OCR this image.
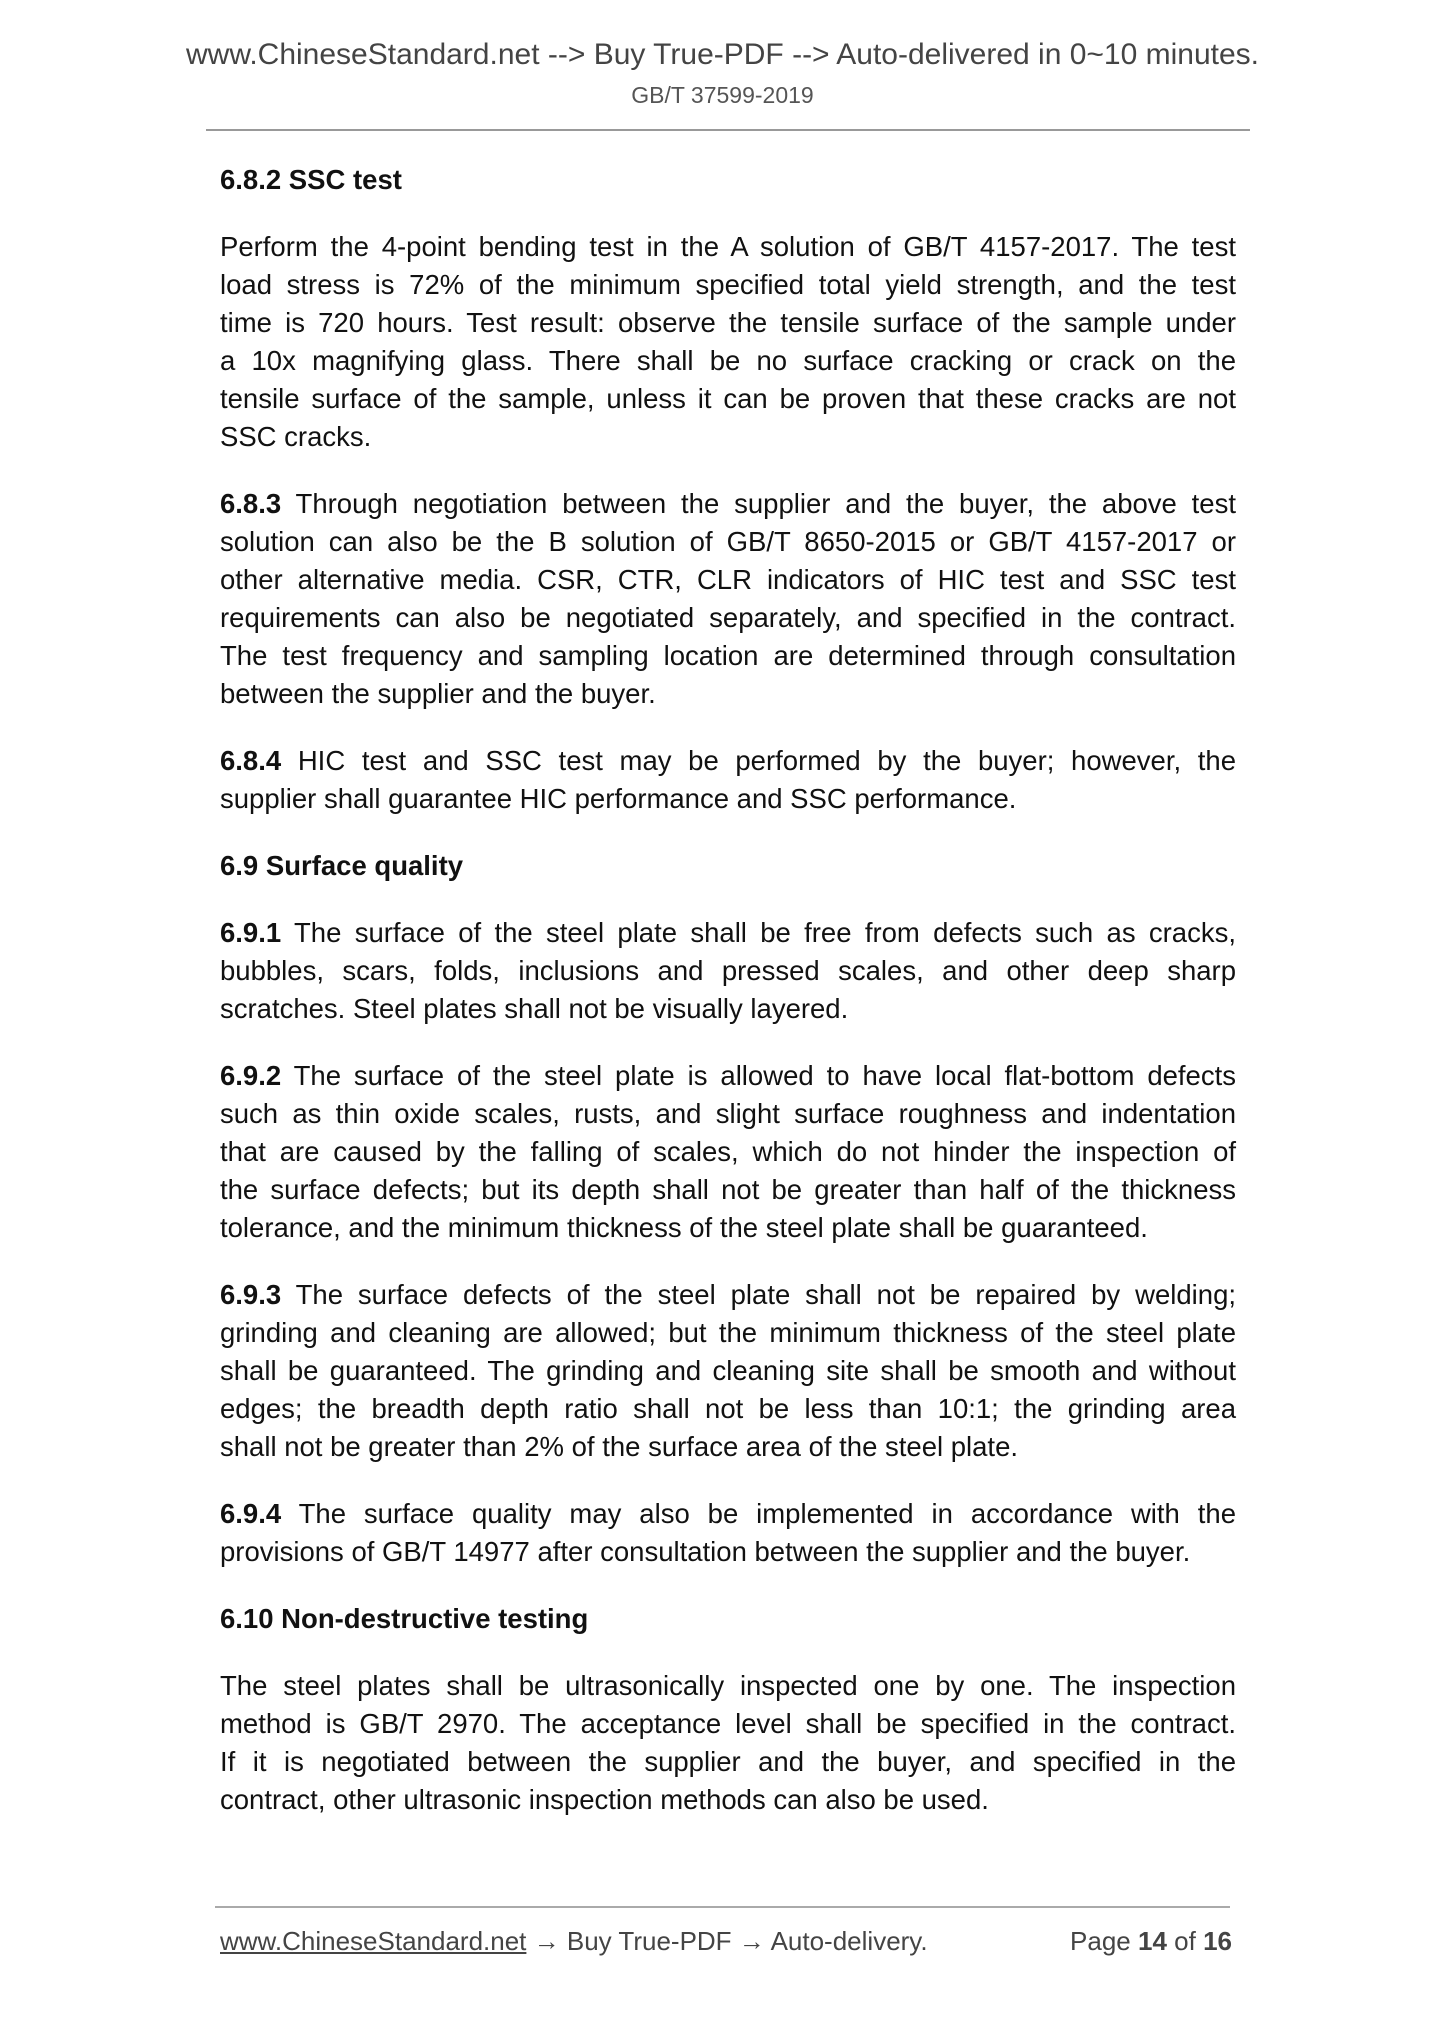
www.ChineseStandard.net --> Buy True-PDF --> Auto-delivered in 0~10 minutes.
GB/T 37599-2019
6.8.2 SSC test
Perform the 4-point bending test in the A solution of GB/T 4157-2017. The test
load stress is 72% of the minimum specified total yield strength, and the test
time is 720 hours. Test result: observe the tensile surface of the sample under
a 10x magnifying glass. There shall be no surface cracking or crack on the
tensile surface of the sample, unless it can be proven that these cracks are not
SSC cracks.
6.8.3 Through negotiation between the supplier and the buyer, the above test
solution can also be the B solution of GB/T 8650-2015 or GB/T 4157-2017 or
other alternative media. CSR, CTR, CLR indicators of HIC test and SSC test
requirements can also be negotiated separately, and specified in the contract.
The test frequency and sampling location are determined through consultation
between the supplier and the buyer.
6.8.4 HIC test and SSC test may be performed by the buyer; however, the
supplier shall guarantee HIC performance and SSC performance.
6.9 Surface quality
6.9.1 The surface of the steel plate shall be free from defects such as cracks,
bubbles, scars, folds, inclusions and pressed scales, and other deep sharp
scratches. Steel plates shall not be visually layered.
6.9.2 The surface of the steel plate is allowed to have local flat-bottom defects
such as thin oxide scales, rusts, and slight surface roughness and indentation
that are caused by the falling of scales, which do not hinder the inspection of
the surface defects; but its depth shall not be greater than half of the thickness
tolerance, and the minimum thickness of the steel plate shall be guaranteed.
6.9.3 The surface defects of the steel plate shall not be repaired by welding;
grinding and cleaning are allowed; but the minimum thickness of the steel plate
shall be guaranteed. The grinding and cleaning site shall be smooth and without
edges; the breadth depth ratio shall not be less than 10:1; the grinding area
shall not be greater than 2% of the surface area of the steel plate.
6.9.4 The surface quality may also be implemented in accordance with the
provisions of GB/T 14977 after consultation between the supplier and the buyer.
6.10 Non-destructive testing
The steel plates shall be ultrasonically inspected one by one. The inspection
method is GB/T 2970. The acceptance level shall be specified in the contract.
If it is negotiated between the supplier and the buyer, and specified in the
contract, other ultrasonic inspection methods can also be used.
www.ChineseStandard.net → Buy True-PDF → Auto-delivery.	Page 14 of 16
